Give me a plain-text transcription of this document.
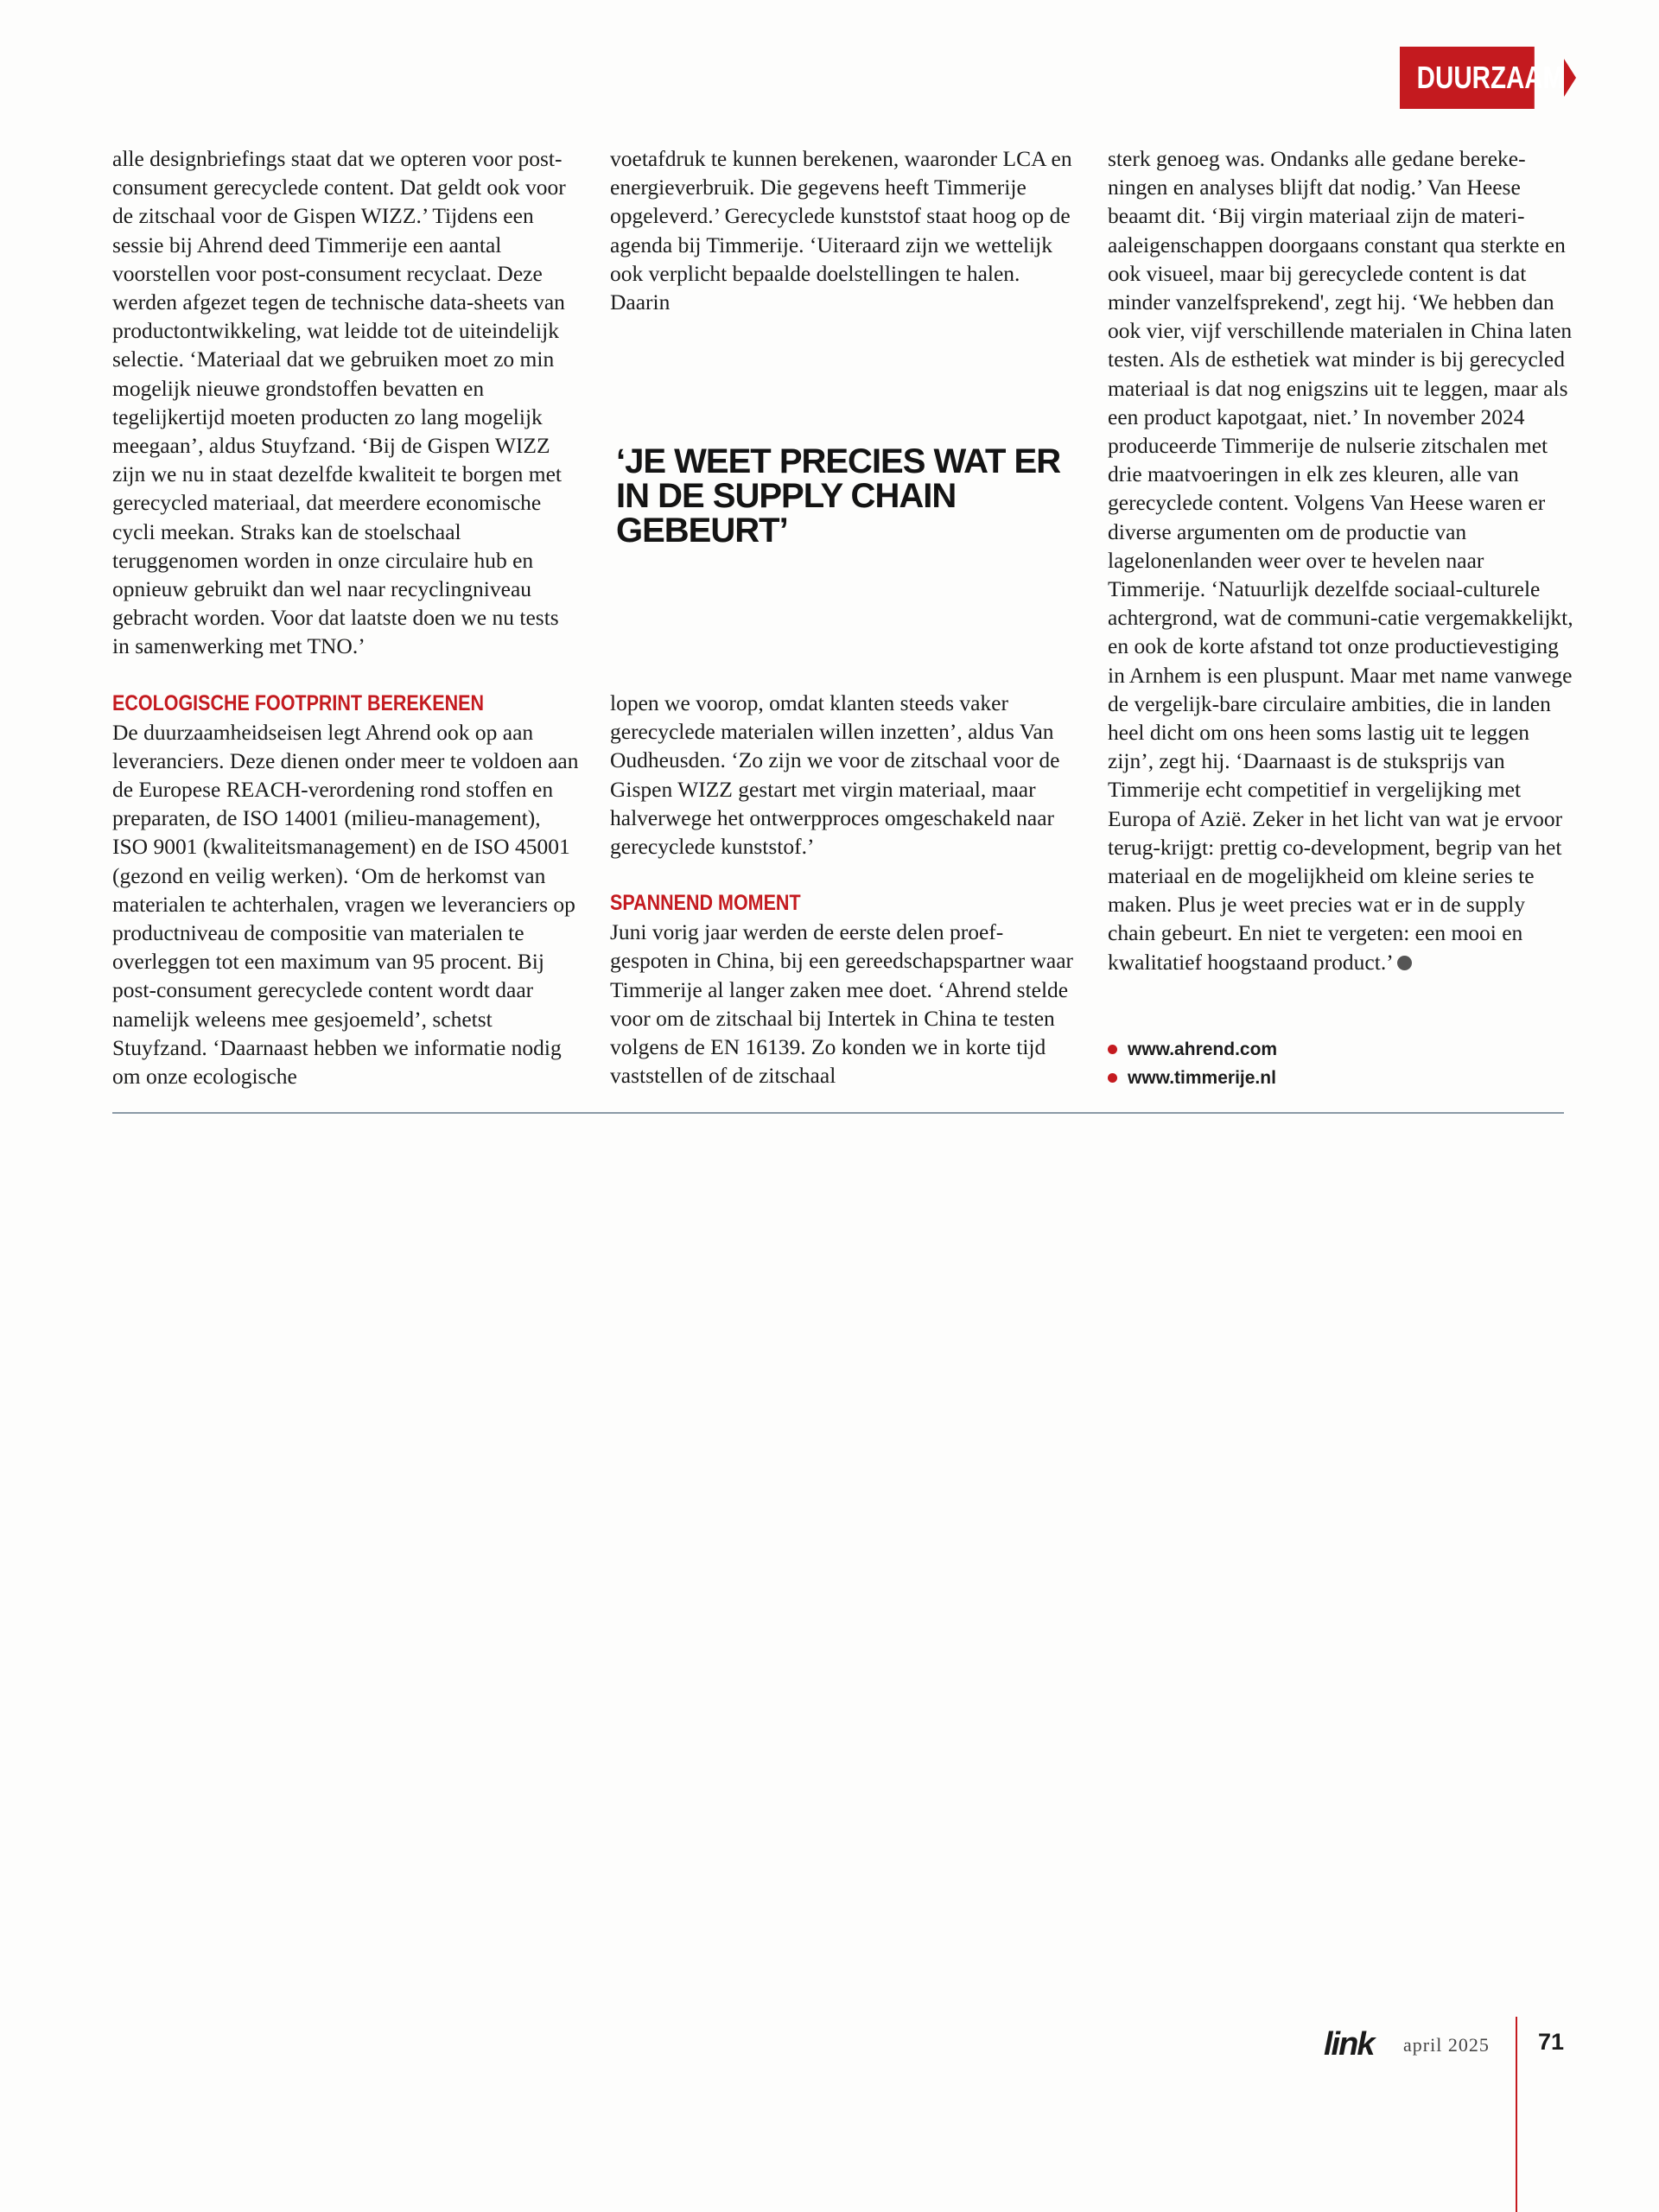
DUURZAAM

alle designbriefings staat dat we opteren voor post-consument gerecyclede content. Dat geldt ook voor de zitschaal voor de Gispen WIZZ.’ Tijdens een sessie bij Ahrend deed Timmerije een aantal voorstellen voor post-consument recyclaat. Deze werden afgezet tegen de technische data-sheets van productontwikkeling, wat leidde tot de uiteindelijk selectie. ‘Materiaal dat we gebruiken moet zo min mogelijk nieuwe grondstoffen bevatten en tegelijkertijd moeten producten zo lang mogelijk meegaan’, aldus Stuyfzand. ‘Bij de Gispen WIZZ zijn we nu in staat dezelfde kwaliteit te borgen met gerecycled materiaal, dat meerdere economische cycli meekan. Straks kan de stoelschaal teruggenomen worden in onze circulaire hub en opnieuw gebruikt dan wel naar recyclingniveau gebracht worden. Voor dat laatste doen we nu tests in samenwerking met TNO.’

ECOLOGISCHE FOOTPRINT BEREKENEN

De duurzaamheidseisen legt Ahrend ook op aan leveranciers. Deze dienen onder meer te voldoen aan de Europese REACH-verordening rond stoffen en preparaten, de ISO 14001 (milieu-management), ISO 9001 (kwaliteitsmanagement) en de ISO 45001 (gezond en veilig werken). ‘Om de herkomst van materialen te achterhalen, vragen we leveranciers op productniveau de compositie van materialen te overleggen tot een maximum van 95 procent. Bij post-consument gerecyclede content wordt daar namelijk weleens mee gesjoemeld’, schetst Stuyfzand. ‘Daarnaast hebben we informatie nodig om onze ecologische

voetafdruk te kunnen berekenen, waaronder LCA en energieverbruik. Die gegevens heeft Timmerije opgeleverd.’ Gerecyclede kunststof staat hoog op de agenda bij Timmerije. ‘Uiteraard zijn we wettelijk ook verplicht bepaalde doelstellingen te halen. Daarin

‘JE WEET PRECIES WAT ER IN DE SUPPLY CHAIN GEBEURT’

lopen we voorop, omdat klanten steeds vaker gerecyclede materialen willen inzetten’, aldus Van Oudheusden. ‘Zo zijn we voor de zitschaal voor de Gispen WIZZ gestart met virgin materiaal, maar halverwege het ontwerpproces omgeschakeld naar gerecyclede kunststof.’

SPANNEND MOMENT

Juni vorig jaar werden de eerste delen proef-gespoten in China, bij een gereedschapspartner waar Timmerije al langer zaken mee doet. ‘Ahrend stelde voor om de zitschaal bij Intertek in China te testen volgens de EN 16139. Zo konden we in korte tijd vaststellen of de zitschaal

sterk genoeg was. Ondanks alle gedane bereke-ningen en analyses blijft dat nodig.’ Van Heese beaamt dit. ‘Bij virgin materiaal zijn de materi-aaleigenschappen doorgaans constant qua sterkte en ook visueel, maar bij gerecyclede content is dat minder vanzelfsprekend', zegt hij. ‘We hebben dan ook vier, vijf verschillende materialen in China laten testen. Als de esthetiek wat minder is bij gerecycled materiaal is dat nog enigszins uit te leggen, maar als een product kapotgaat, niet.’ In november 2024 produceerde Timmerije de nulserie zitschalen met drie maatvoeringen in elk zes kleuren, alle van gerecyclede content. Volgens Van Heese waren er diverse argumenten om de productie van lagelonenlanden weer over te hevelen naar Timmerije. ‘Natuurlijk dezelfde sociaal-culturele achtergrond, wat de communi-catie vergemakkelijkt, en ook de korte afstand tot onze productievestiging in Arnhem is een pluspunt. Maar met name vanwege de vergelijk-bare circulaire ambities, die in landen heel dicht om ons heen soms lastig uit te leggen zijn’, zegt hij. ‘Daarnaast is de stuksprijs van Timmerije echt competitief in vergelijking met Europa of Azië. Zeker in het licht van wat je ervoor terug-krijgt: prettig co-development, begrip van het materiaal en de mogelijkheid om kleine series te maken. Plus je weet precies wat er in de supply chain gebeurt. En niet te vergeten: een mooi en kwalitatief hoogstaand product.’

www.ahrend.com
www.timmerije.nl
link april 2025 71
